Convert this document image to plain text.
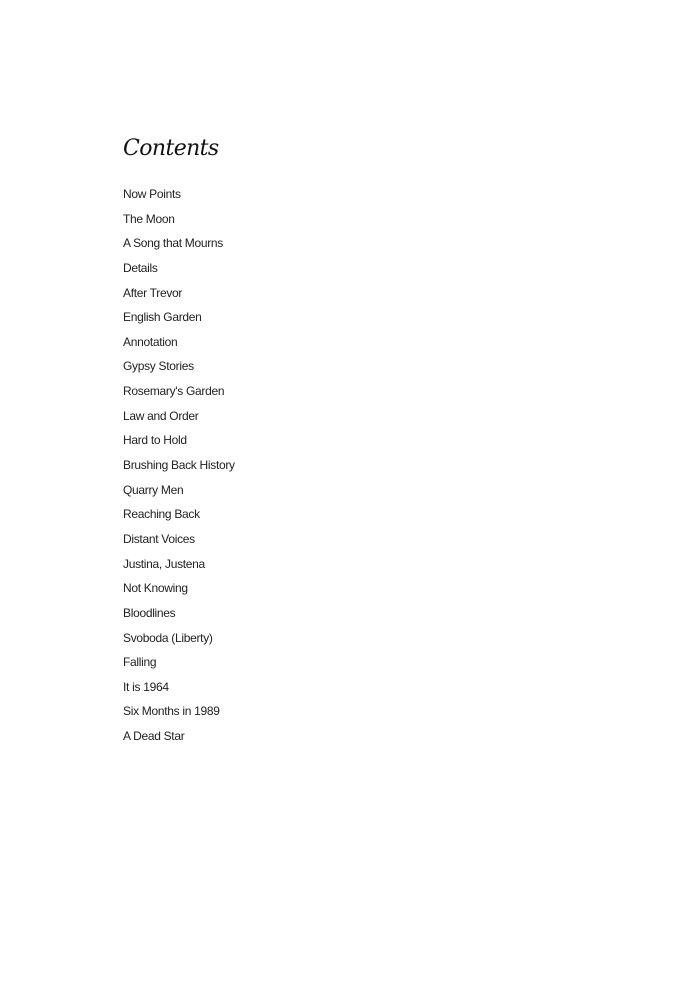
Contents
Now Points
The Moon
A Song that Mourns
Details
After Trevor
English Garden
Annotation
Gypsy Stories
Rosemary's Garden
Law and Order
Hard to Hold
Brushing Back History
Quarry Men
Reaching Back
Distant Voices
Justina, Justena
Not Knowing
Bloodlines
Svoboda (Liberty)
Falling
It is 1964
Six Months in 1989
A Dead Star
